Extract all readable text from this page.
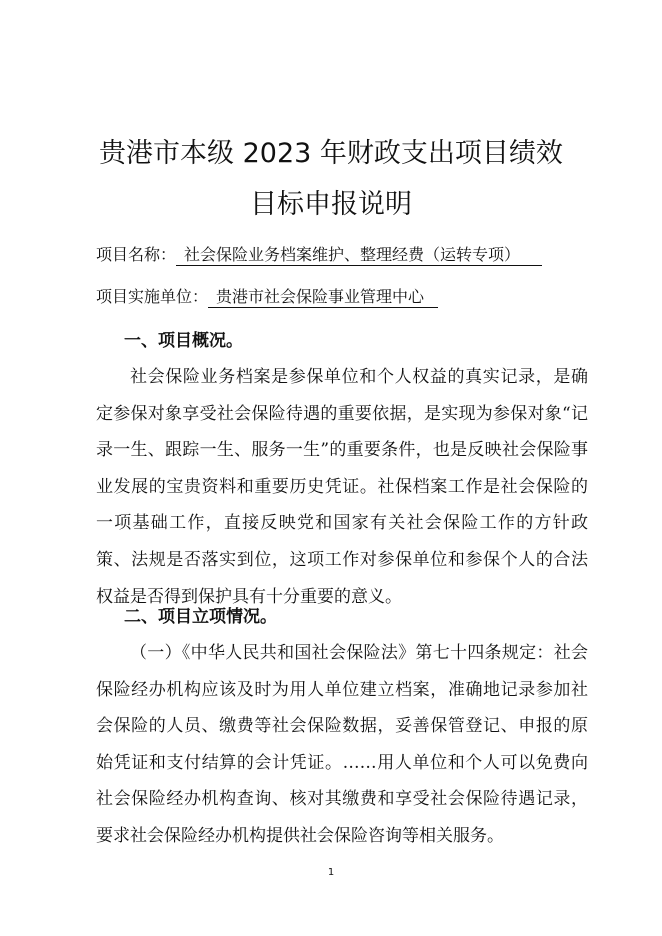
贵港市本级 2023 年财政支出项目绩效
目标申报说明
项目名称： 社会保险业务档案维护、整理经费（运转专项）
项目实施单位： 贵港市社会保险事业管理中心
一、项目概况。
社会保险业务档案是参保单位和个人权益的真实记录，是确定参保对象享受社会保险待遇的重要依据，是实现为参保对象“记录一生、跟踪一生、服务一生”的重要条件，也是反映社会保险事业发展的宝贵资料和重要历史凭证。社保档案工作是社会保险的一项基础工作，直接反映党和国家有关社会保险工作的方针政策、法规是否落实到位，这项工作对参保单位和参保个人的合法权益是否得到保护具有十分重要的意义。
二、项目立项情况。
（一）《中华人民共和国社会保险法》第七十四条规定：社会保险经办机构应该及时为用人单位建立档案，准确地记录参加社会保险的人员、缴费等社会保险数据，妥善保管登记、申报的原始凭证和支付结算的会计凭证。……用人单位和个人可以免费向社会保险经办机构查询、核对其缴费和享受社会保险待遇记录，要求社会保险经办机构提供社会保险咨询等相关服务。
1
